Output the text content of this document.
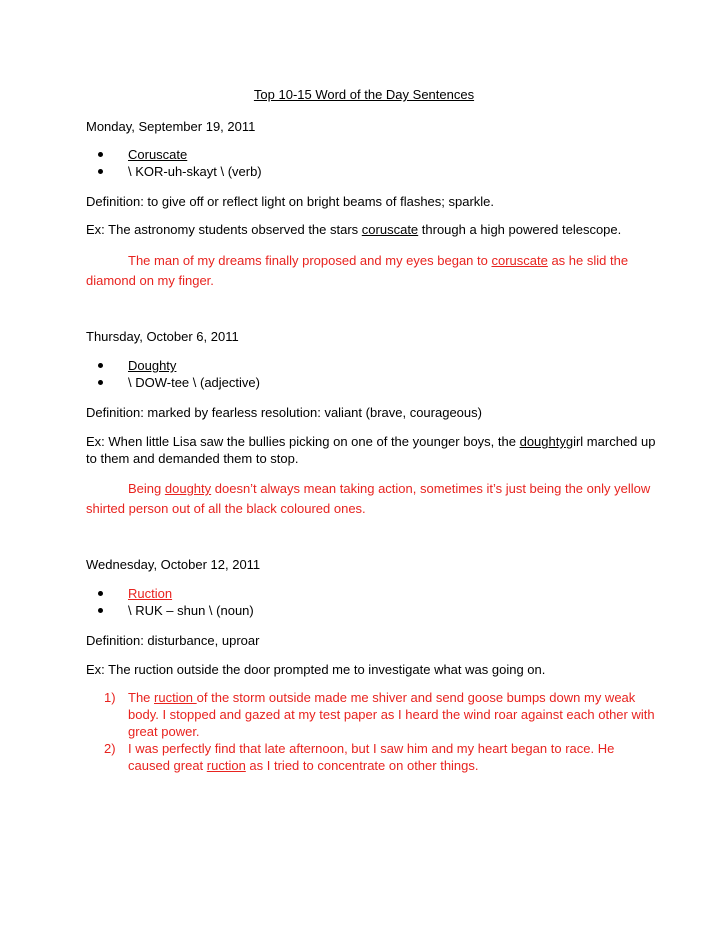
Top 10-15 Word of the Day Sentences
Monday, September 19, 2011
Coruscate
\ KOR-uh-skayt \ (verb)

Definition: to give off or reflect light on bright beams of flashes; sparkle.

Ex: The astronomy students observed the stars coruscate through a high powered telescope.

The man of my dreams finally proposed and my eyes began to coruscate as he slid the diamond on my finger.

Thursday, October 6, 2011
Doughty
\ DOW-tee \ (adjective)

Definition: marked by fearless resolution: valiant (brave, courageous)

Ex: When little Lisa saw the bullies picking on one of the younger boys, the doughtygirl marched up to them and demanded them to stop.

Being doughty doesn’t always mean taking action, sometimes it’s just being the only yellow shirted person out of all the black coloured ones.

Wednesday, October 12, 2011
Ruction
\ RUK – shun \ (noun)

Definition: disturbance, uproar

Ex: The ruction outside the door prompted me to investigate what was going on.

1) The ruction of the storm outside made me shiver and send goose bumps down my weak body. I stopped and gazed at my test paper as I heard the wind roar against each other with great power.
2) I was perfectly find that late afternoon, but I saw him and my heart began to race. He caused great ruction as I tried to concentrate on other things.
